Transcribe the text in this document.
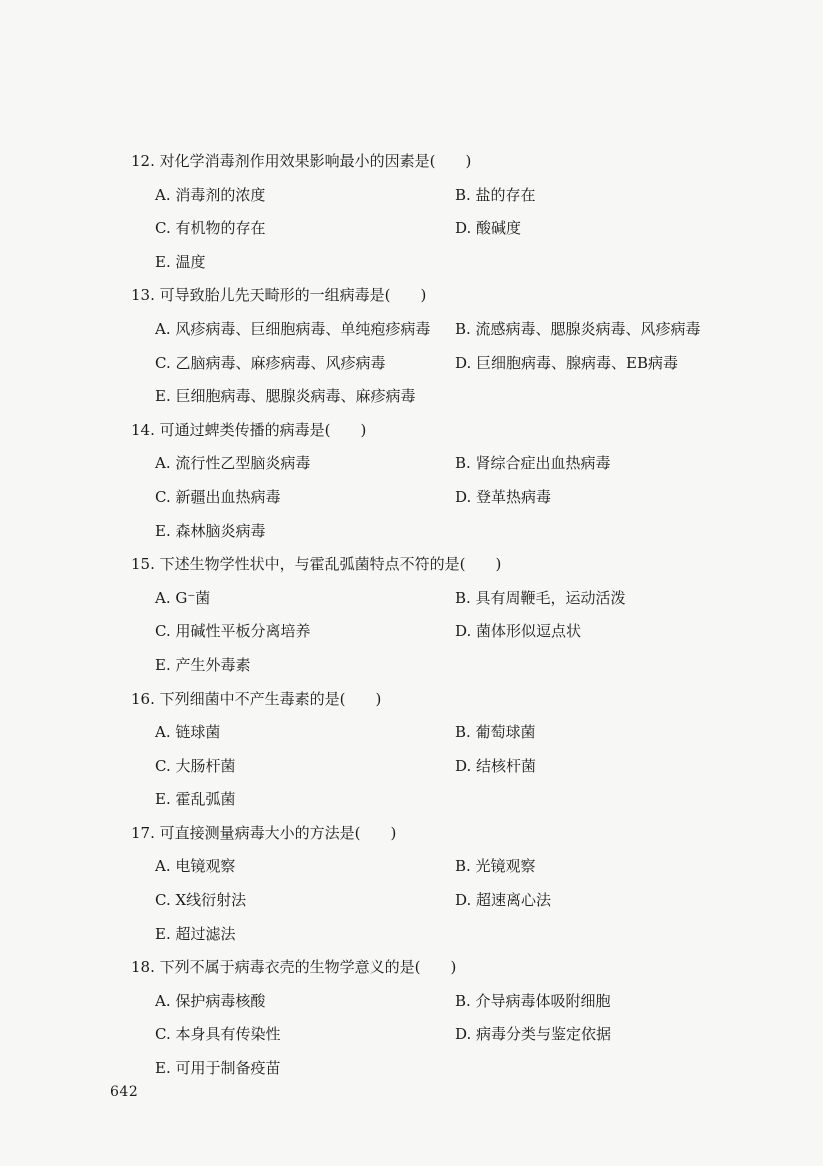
12. 对化学消毒剂作用效果影响最小的因素是(　　)
A. 消毒剂的浓度	B. 盐的存在
C. 有机物的存在	D. 酸碱度
E. 温度
13. 可导致胎儿先天畸形的一组病毒是(　　)
A. 风疹病毒、巨细胞病毒、单纯疱疹病毒	B. 流感病毒、腮腺炎病毒、风疹病毒
C. 乙脑病毒、麻疹病毒、风疹病毒	D. 巨细胞病毒、腺病毒、EB病毒
E. 巨细胞病毒、腮腺炎病毒、麻疹病毒
14. 可通过蜱类传播的病毒是(　　)
A. 流行性乙型脑炎病毒	B. 肾综合症出血热病毒
C. 新疆出血热病毒	D. 登革热病毒
E. 森林脑炎病毒
15. 下述生物学性状中，与霍乱弧菌特点不符的是(　　)
A. G⁻菌	B. 具有周鞭毛，运动活泼
C. 用碱性平板分离培养	D. 菌体形似逗点状
E. 产生外毒素
16. 下列细菌中不产生毒素的是(　　)
A. 链球菌	B. 葡萄球菌
C. 大肠杆菌	D. 结核杆菌
E. 霍乱弧菌
17. 可直接测量病毒大小的方法是(　　)
A. 电镜观察	B. 光镜观察
C. X线衍射法	D. 超速离心法
E. 超过滤法
18. 下列不属于病毒衣壳的生物学意义的是(　　)
A. 保护病毒核酸	B. 介导病毒体吸附细胞
C. 本身具有传染性	D. 病毒分类与鉴定依据
E. 可用于制备疫苗
642
